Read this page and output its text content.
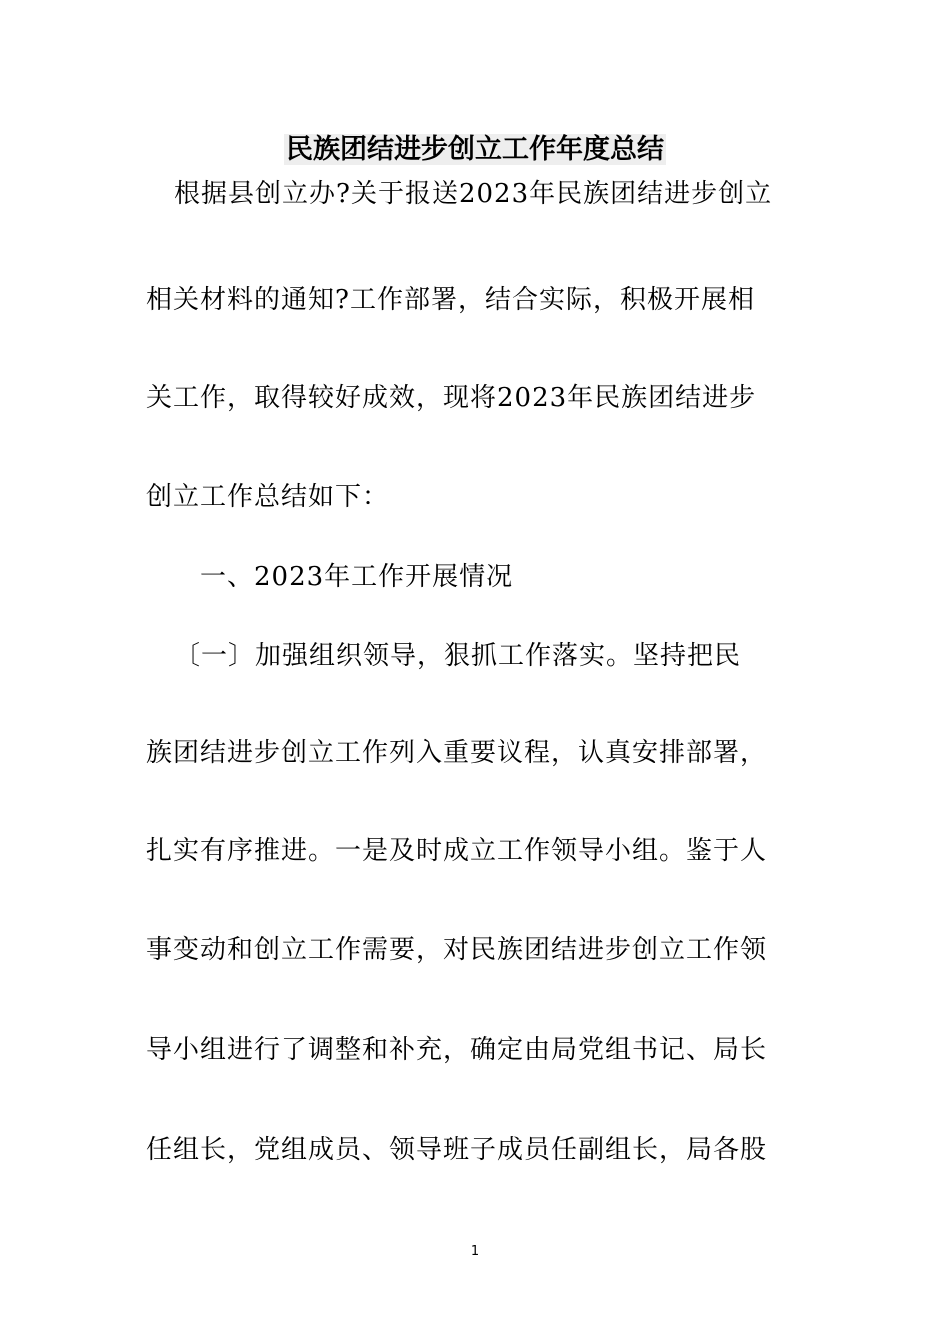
民族团结进步创立工作年度总结
根据县创立办?关于报送2023年民族团结进步创立
相关材料的通知?工作部署，结合实际，积极开展相
关工作，取得较好成效，现将2023年民族团结进步
创立工作总结如下：
一、2023年工作开展情况
〔一〕加强组织领导，狠抓工作落实。坚持把民
族团结进步创立工作列入重要议程，认真安排部署，
扎实有序推进。一是及时成立工作领导小组。鉴于人
事变动和创立工作需要，对民族团结进步创立工作领
导小组进行了调整和补充，确定由局党组书记、局长
任组长，党组成员、领导班子成员任副组长，局各股
1
